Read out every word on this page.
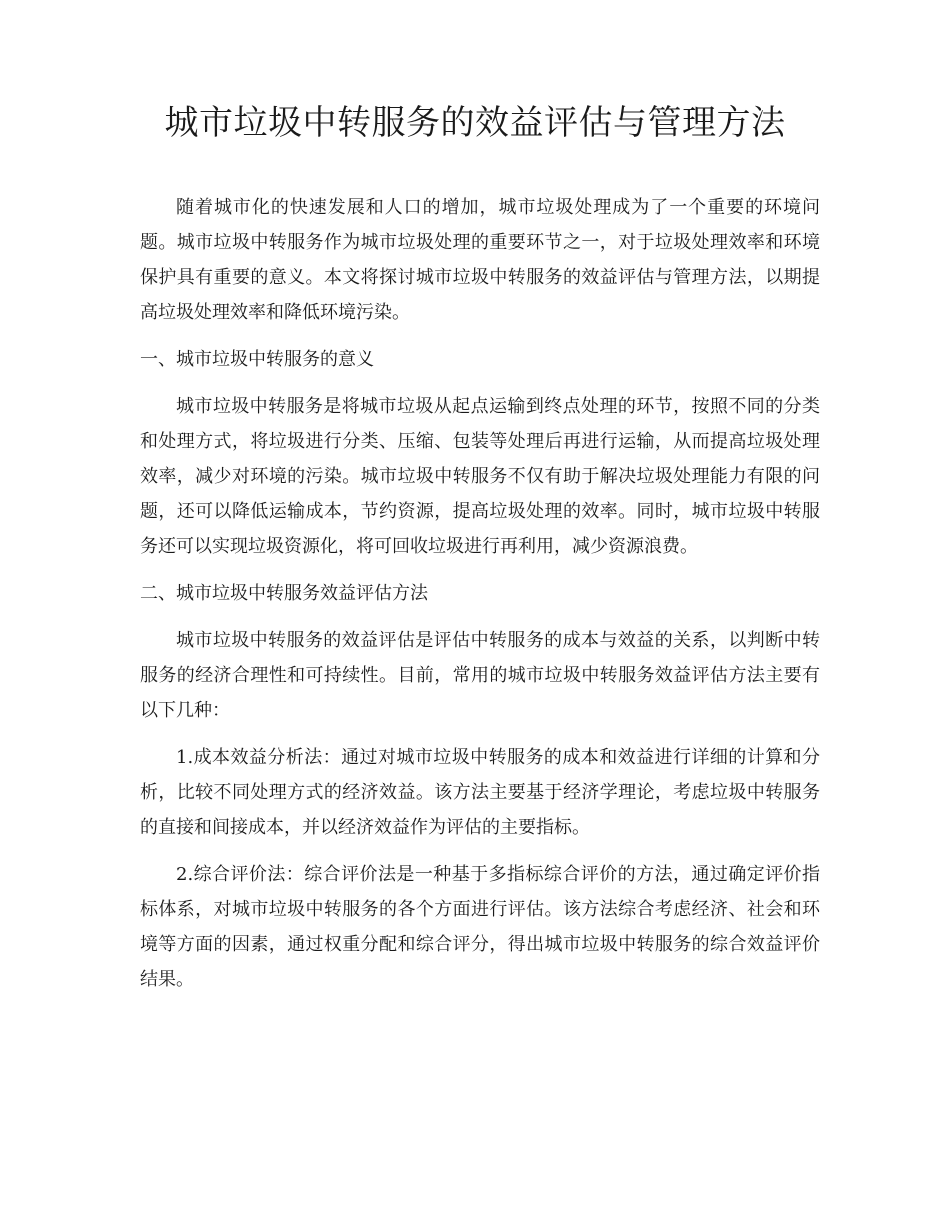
城市垃圾中转服务的效益评估与管理方法

随着城市化的快速发展和人口的增加，城市垃圾处理成为了一个重要的环境问题。城市垃圾中转服务作为城市垃圾处理的重要环节之一，对于垃圾处理效率和环境保护具有重要的意义。本文将探讨城市垃圾中转服务的效益评估与管理方法，以期提高垃圾处理效率和降低环境污染。

一、城市垃圾中转服务的意义

城市垃圾中转服务是将城市垃圾从起点运输到终点处理的环节，按照不同的分类和处理方式，将垃圾进行分类、压缩、包装等处理后再进行运输，从而提高垃圾处理效率，减少对环境的污染。城市垃圾中转服务不仅有助于解决垃圾处理能力有限的问题，还可以降低运输成本，节约资源，提高垃圾处理的效率。同时，城市垃圾中转服务还可以实现垃圾资源化，将可回收垃圾进行再利用，减少资源浪费。

二、城市垃圾中转服务效益评估方法

城市垃圾中转服务的效益评估是评估中转服务的成本与效益的关系，以判断中转服务的经济合理性和可持续性。目前，常用的城市垃圾中转服务效益评估方法主要有以下几种：

1.成本效益分析法：通过对城市垃圾中转服务的成本和效益进行详细的计算和分析，比较不同处理方式的经济效益。该方法主要基于经济学理论，考虑垃圾中转服务的直接和间接成本，并以经济效益作为评估的主要指标。

2.综合评价法：综合评价法是一种基于多指标综合评价的方法，通过确定评价指标体系，对城市垃圾中转服务的各个方面进行评估。该方法综合考虑经济、社会和环境等方面的因素，通过权重分配和综合评分，得出城市垃圾中转服务的综合效益评价结果。
